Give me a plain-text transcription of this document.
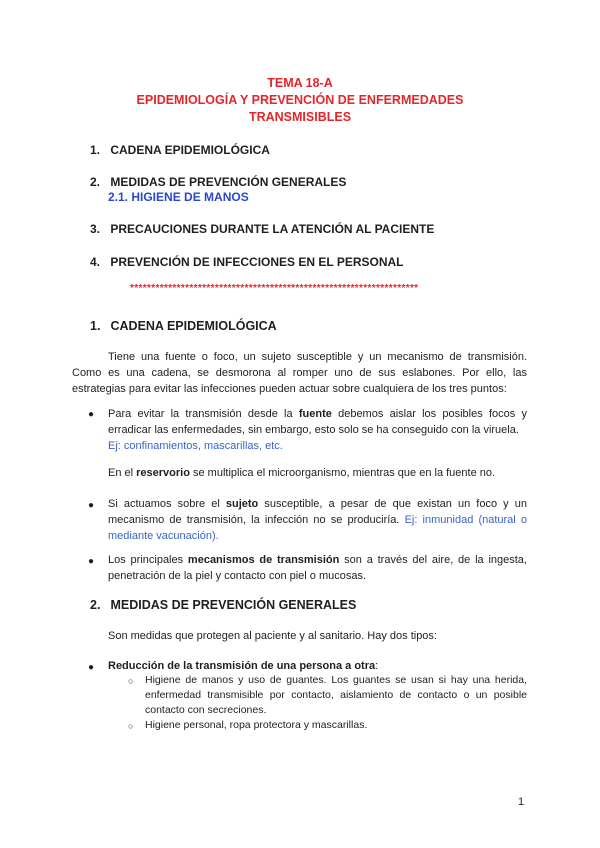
TEMA 18-A
EPIDEMIOLOGÍA Y PREVENCIÓN DE ENFERMEDADES
TRANSMISIBLES
1. CADENA EPIDEMIOLÓGICA
2. MEDIDAS DE PREVENCIÓN GENERALES
2.1. HIGIENE DE MANOS
3. PRECAUCIONES DURANTE LA ATENCIÓN AL PACIENTE
4. PREVENCIÓN DE INFECCIONES EN EL PERSONAL
********************************************************************
1. CADENA EPIDEMIOLÓGICA
Tiene una fuente o foco, un sujeto susceptible y un mecanismo de transmisión.
Como es una cadena, se desmorona al romper uno de sus eslabones. Por ello, las
estrategias para evitar las infecciones pueden actuar sobre cualquiera de los tres puntos:
● Para evitar la transmisión desde la fuente debemos aislar los posibles focos y
erradicar las enfermedades, sin embargo, esto solo se ha conseguido con la viruela.
Ej: confinamientos, mascarillas, etc.
En el reservorio se multiplica el microorganismo, mientras que en la fuente no.
● Si actuamos sobre el sujeto susceptible, a pesar de que existan un foco y un
mecanismo de transmisión, la infección no se produciría. Ej: inmunidad (natural o
mediante vacunación).
● Los principales mecanismos de transmisión son a través del aire, de la ingesta,
penetración de la piel y contacto con piel o mucosas.
2. MEDIDAS DE PREVENCIÓN GENERALES
Son medidas que protegen al paciente y al sanitario. Hay dos tipos:
● Reducción de la transmisión de una persona a otra:
○ Higiene de manos y uso de guantes. Los guantes se usan si hay una herida,
enfermedad transmisible por contacto, aislamiento de contacto o un posible
contacto con secreciones.
○ Higiene personal, ropa protectora y mascarillas.
1
